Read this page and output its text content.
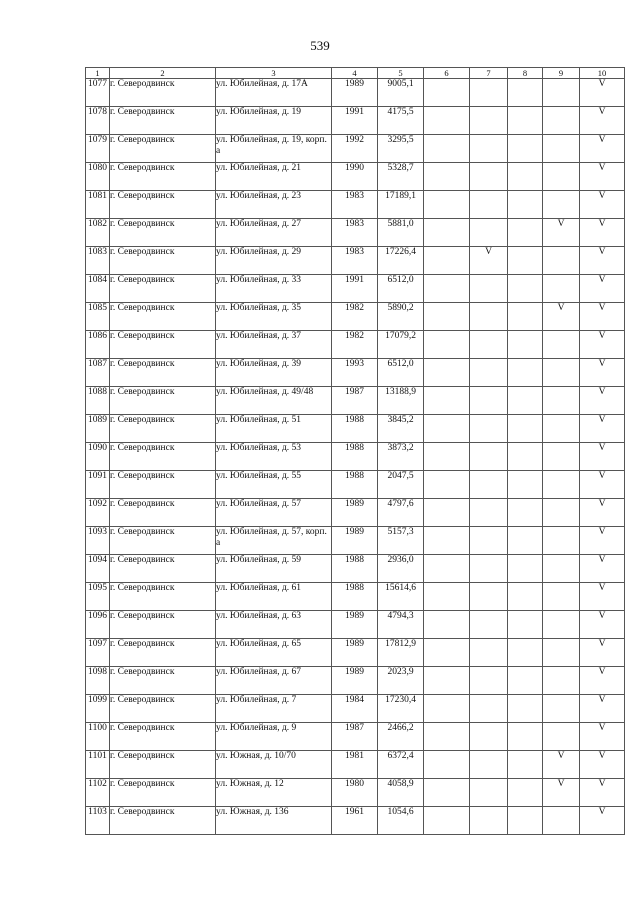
539
1	2	3	4	5	6	7	8	9	10
1077	г. Северодвинск	ул. Юбилейная, д. 17А	1989	9005,1					V
1078	г. Северодвинск	ул. Юбилейная, д. 19	1991	4175,5					V
1079	г. Северодвинск	ул. Юбилейная, д. 19, корп. а	1992	3295,5					V
1080	г. Северодвинск	ул. Юбилейная, д. 21	1990	5328,7					V
1081	г. Северодвинск	ул. Юбилейная, д. 23	1983	17189,1					V
1082	г. Северодвинск	ул. Юбилейная, д. 27	1983	5881,0				V	V
1083	г. Северодвинск	ул. Юбилейная, д. 29	1983	17226,4		V			V
1084	г. Северодвинск	ул. Юбилейная, д. 33	1991	6512,0					V
1085	г. Северодвинск	ул. Юбилейная, д. 35	1982	5890,2				V	V
1086	г. Северодвинск	ул. Юбилейная, д. 37	1982	17079,2					V
1087	г. Северодвинск	ул. Юбилейная, д. 39	1993	6512,0					V
1088	г. Северодвинск	ул. Юбилейная, д. 49/48	1987	13188,9					V
1089	г. Северодвинск	ул. Юбилейная, д. 51	1988	3845,2					V
1090	г. Северодвинск	ул. Юбилейная, д. 53	1988	3873,2					V
1091	г. Северодвинск	ул. Юбилейная, д. 55	1988	2047,5					V
1092	г. Северодвинск	ул. Юбилейная, д. 57	1989	4797,6					V
1093	г. Северодвинск	ул. Юбилейная, д. 57, корп. а	1989	5157,3					V
1094	г. Северодвинск	ул. Юбилейная, д. 59	1988	2936,0					V
1095	г. Северодвинск	ул. Юбилейная, д. 61	1988	15614,6					V
1096	г. Северодвинск	ул. Юбилейная, д. 63	1989	4794,3					V
1097	г. Северодвинск	ул. Юбилейная, д. 65	1989	17812,9					V
1098	г. Северодвинск	ул. Юбилейная, д. 67	1989	2023,9					V
1099	г. Северодвинск	ул. Юбилейная, д. 7	1984	17230,4					V
1100	г. Северодвинск	ул. Юбилейная, д. 9	1987	2466,2					V
1101	г. Северодвинск	ул. Южная, д. 10/70	1981	6372,4				V	V
1102	г. Северодвинск	ул. Южная, д. 12	1980	4058,9				V	V
1103	г. Северодвинск	ул. Южная, д. 136	1961	1054,6					V
